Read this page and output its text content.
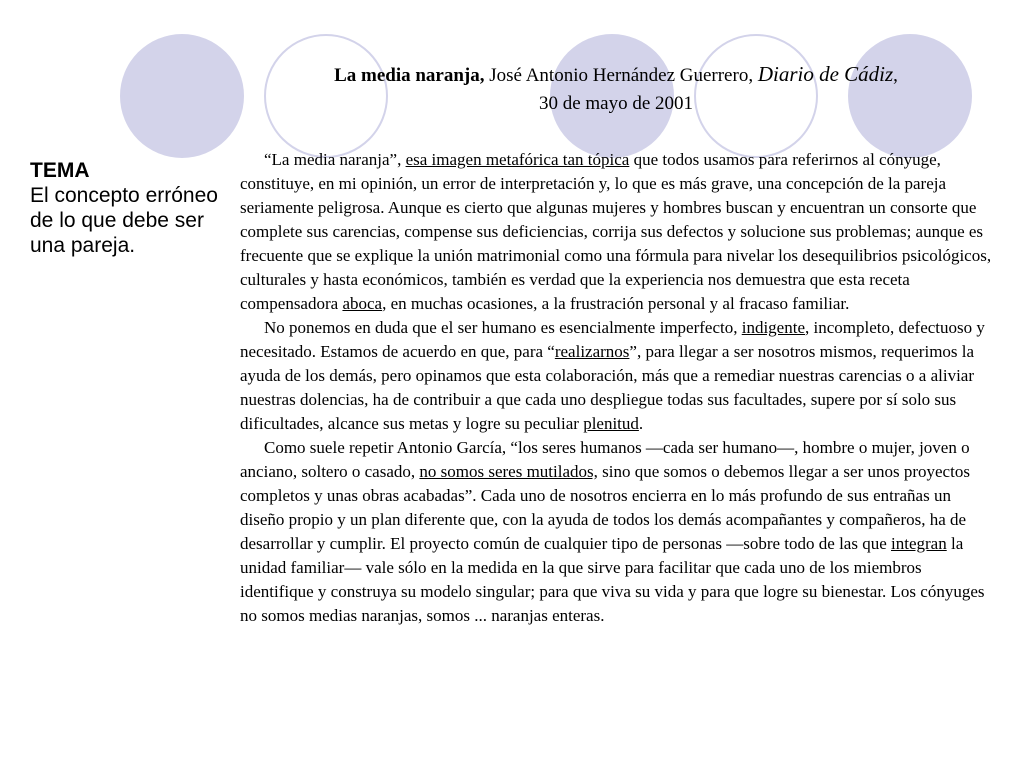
La media naranja, José Antonio Hernández Guerrero, Diario de Cádiz,
30 de mayo de 2001
TEMA
El concepto erróneo de lo que debe ser una pareja.

“La media naranja”, esa imagen metafórica tan tópica que todos usamos para referirnos al cónyuge, constituye, en mi opinión, un error de interpretación y, lo que es más grave, una concepción de la pareja seriamente peligrosa. Aunque es cierto que algunas mujeres y hombres buscan y encuentran un consorte que complete sus carencias, compense sus deficiencias, corrija sus defectos y solucione sus problemas; aunque es frecuente que se explique la unión matrimonial como una fórmula para nivelar los desequilibrios psicológicos, culturales y hasta económicos, también es verdad que la experiencia nos demuestra que esta receta compensadora aboca, en muchas ocasiones, a la frustración personal y al fracaso familiar.

No ponemos en duda que el ser humano es esencialmente imperfecto, indigente, incompleto, defectuoso y necesitado. Estamos de acuerdo en que, para “realizarnos”, para llegar a ser nosotros mismos, requerimos la ayuda de los demás, pero opinamos que esta colaboración, más que a remediar nuestras carencias o a aliviar nuestras dolencias, ha de contribuir a que cada uno despliegue todas sus facultades, supere por sí solo sus dificultades, alcance sus metas y logre su peculiar plenitud.

Como suele repetir Antonio García, “los seres humanos —cada ser humano—, hombre o mujer, joven o anciano, soltero o casado, no somos seres mutilados, sino que somos o debemos llegar a ser unos proyectos completos y unas obras acabadas”. Cada uno de nosotros encierra en lo más profundo de sus entrañas un diseño propio y un plan diferente que, con la ayuda de todos los demás acompañantes y compañeros, ha de desarrollar y cumplir. El proyecto común de cualquier tipo de personas —sobre todo de las que integran la unidad familiar— vale sólo en la medida en la que sirve para facilitar que cada uno de los miembros identifique y construya su modelo singular; para que viva su vida y para que logre su bienestar. Los cónyuges no somos medias naranjas, somos ... naranjas enteras.
